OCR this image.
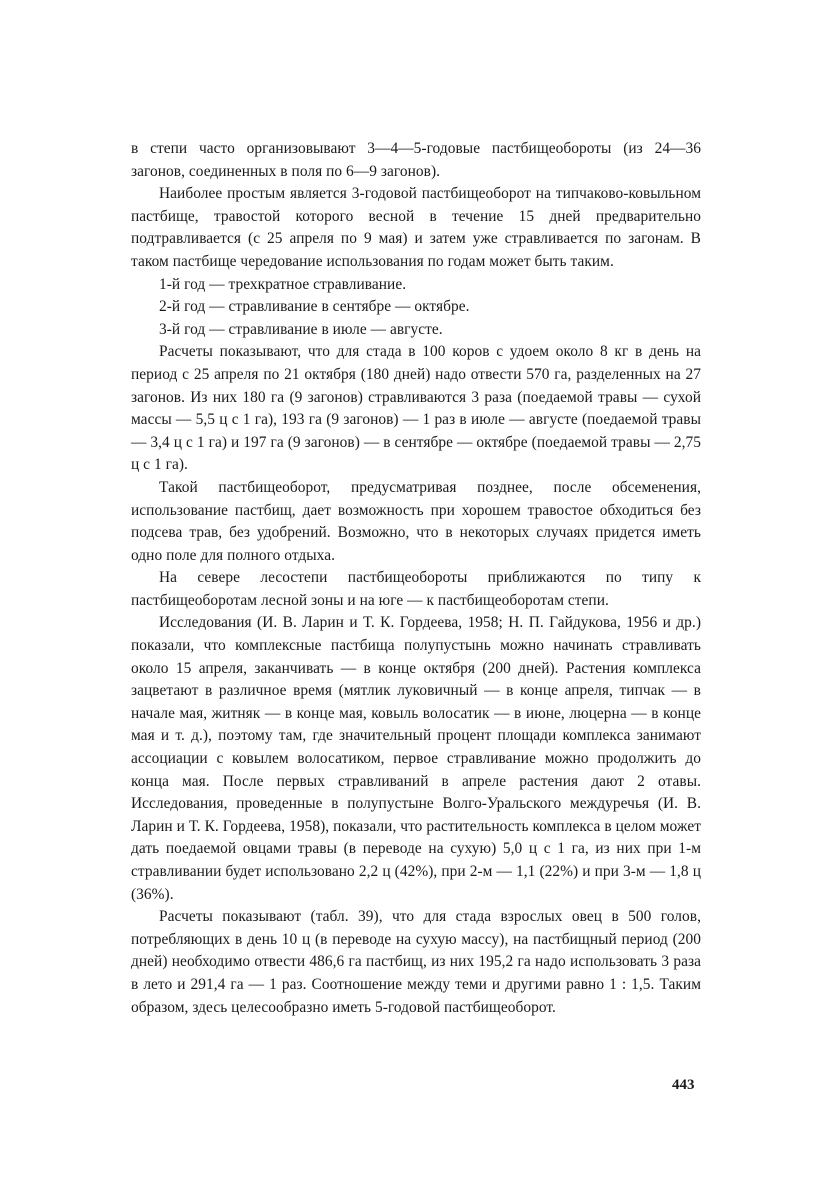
в степи часто организовывают 3—4—5-годовые пастбищеобороты (из 24—36 загонов, соединенных в поля по 6—9 загонов).

Наиболее простым является 3-годовой пастбищеоборот на типчаково-ковыльном пастбище, травостой которого весной в течение 15 дней предварительно подтравливается (с 25 апреля по 9 мая) и затем уже стравливается по загонам. В таком пастбище чередование использования по годам может быть таким.

1-й год — трехкратное стравливание.

2-й год — стравливание в сентябре — октябре.

3-й год — стравливание в июле — августе.

Расчеты показывают, что для стада в 100 коров с удоем около 8 кг в день на период с 25 апреля по 21 октября (180 дней) надо отвести 570 га, разделенных на 27 загонов. Из них 180 га (9 загонов) стравливаются 3 раза (поедаемой травы — сухой массы — 5,5 ц с 1 га), 193 га (9 загонов) — 1 раз в июле — августе (поедаемой травы — 3,4 ц с 1 га) и 197 га (9 загонов) — в сентябре — октябре (поедаемой травы — 2,75 ц с 1 га).

Такой пастбищеоборот, предусматривая позднее, после обсеменения, использование пастбищ, дает возможность при хорошем травостое обходиться без подсева трав, без удобрений. Возможно, что в некоторых случаях придется иметь одно поле для полного отдыха.

На севере лесостепи пастбищеобороты приближаются по типу к пастбищеоборотам лесной зоны и на юге — к пастбищеоборотам степи.

Исследования (И. В. Ларин и Т. К. Гордеева, 1958; Н. П. Гайдукова, 1956 и др.) показали, что комплексные пастбища полупустынь можно начинать стравливать около 15 апреля, заканчивать — в конце октября (200 дней). Растения комплекса зацветают в различное время (мятлик луковичный — в конце апреля, типчак — в начале мая, житняк — в конце мая, ковыль волосатик — в июне, люцерна — в конце мая и т. д.), поэтому там, где значительный процент площади комплекса занимают ассоциации с ковылем волосатиком, первое стравливание можно продолжить до конца мая. После первых стравливаний в апреле растения дают 2 отавы. Исследования, проведенные в полупустыне Волго-Уральского междуречья (И. В. Ларин и Т. К. Гордеева, 1958), показали, что растительность комплекса в целом может дать поедаемой овцами травы (в переводе на сухую) 5,0 ц с 1 га, из них при 1-м стравливании будет использовано 2,2 ц (42%), при 2-м — 1,1 (22%) и при 3-м — 1,8 ц (36%).

Расчеты показывают (табл. 39), что для стада взрослых овец в 500 голов, потребляющих в день 10 ц (в переводе на сухую массу), на пастбищный период (200 дней) необходимо отвести 486,6 га пастбищ, из них 195,2 га надо использовать 3 раза в лето и 291,4 га — 1 раз. Соотношение между теми и другими равно 1 : 1,5. Таким образом, здесь целесообразно иметь 5-годовой пастбищеоборот.

443
